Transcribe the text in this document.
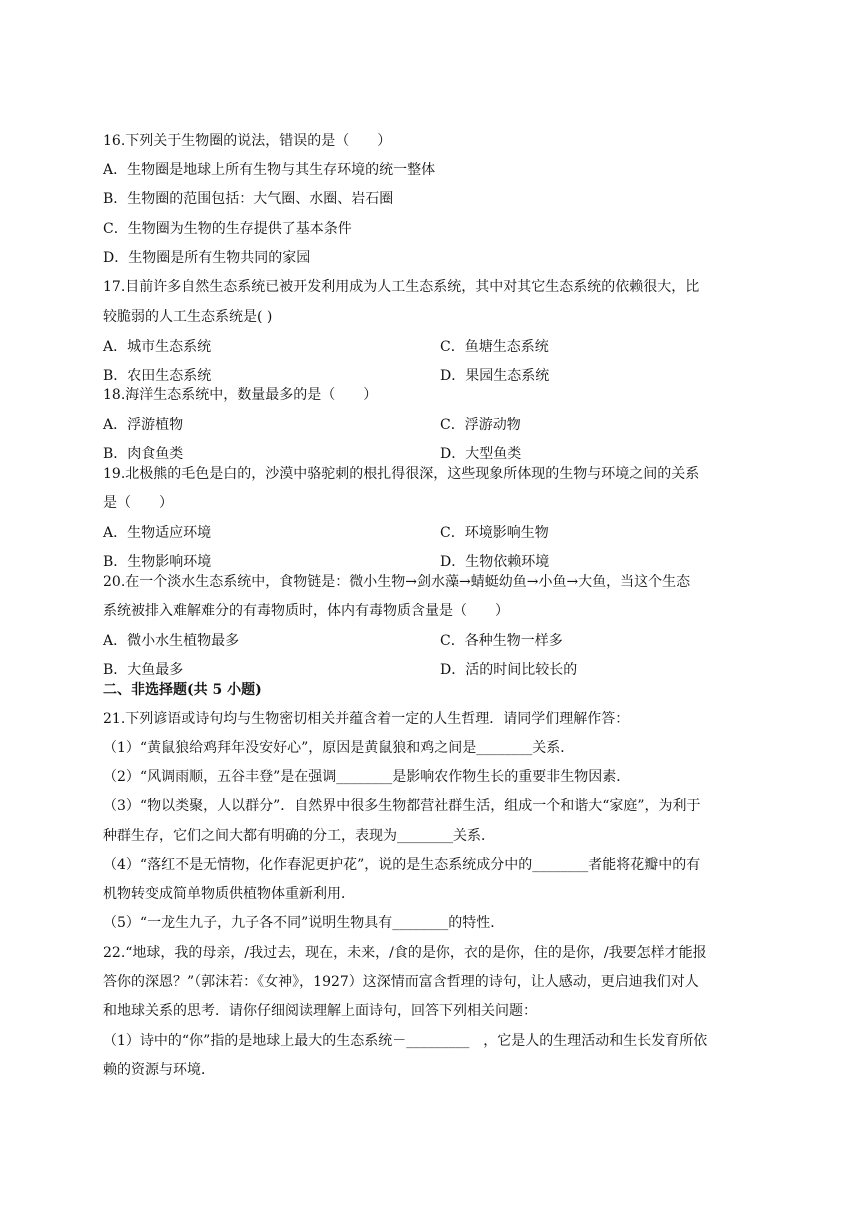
16.下列关于生物圈的说法，错误的是（　　）
A．生物圈是地球上所有生物与其生存环境的统一整体
B．生物圈的范围包括：大气圈、水圈、岩石圈
C．生物圈为生物的生存提供了基本条件
D．生物圈是所有生物共同的家园
17.目前许多自然生态系统已被开发利用成为人工生态系统，其中对其它生态系统的依赖很大，比
较脆弱的人工生态系统是( )
A．城市生态系统	C．鱼塘生态系统
B．农田生态系统	D．果园生态系统
18.海洋生态系统中，数量最多的是（　　）
A．浮游植物	C．浮游动物
B．肉食鱼类	D．大型鱼类
19.北极熊的毛色是白的，沙漠中骆驼刺的根扎得很深，这些现象所体现的生物与环境之间的关系
是（　　）
A．生物适应环境	C．环境影响生物
B．生物影响环境	D．生物依赖环境
20.在一个淡水生态系统中，食物链是：微小生物→剑水藻→蜻蜓幼鱼→小鱼→大鱼，当这个生态
系统被排入难解难分的有毒物质时，体内有毒物质含量是（　　）
A．微小水生植物最多	C．各种生物一样多
B．大鱼最多	D．活的时间比较长的
二、非选择题(共 5 小题)
21.下列谚语或诗句均与生物密切相关并蕴含着一定的人生哲理．请同学们理解作答：
（1）“黄鼠狼给鸡拜年没安好心”，原因是黄鼠狼和鸡之间是________关系．
（2）“风调雨顺，五谷丰登”是在强调________是影响农作物生长的重要非生物因素．
（3）“物以类聚，人以群分”．自然界中很多生物都营社群生活，组成一个和谐大“家庭”，为利于
种群生存，它们之间大都有明确的分工，表现为________关系．
（4）“落红不是无情物，化作春泥更护花”，说的是生态系统成分中的________者能将花瓣中的有
机物转变成简单物质供植物体重新利用．
（5）“一龙生九子，九子各不同”说明生物具有________的特性．
22.“地球，我的母亲，/我过去，现在，未来，/食的是你，衣的是你，住的是你，/我要怎样才能报
答你的深恩？”（郭沫若：《女神》，1927）这深情而富含哲理的诗句，让人感动，更启迪我们对人
和地球关系的思考．请你仔细阅读理解上面诗句，回答下列相关问题：
（1）诗中的“你”指的是地球上最大的生态系统－_________　，它是人的生理活动和生长发育所依
赖的资源与环境．
